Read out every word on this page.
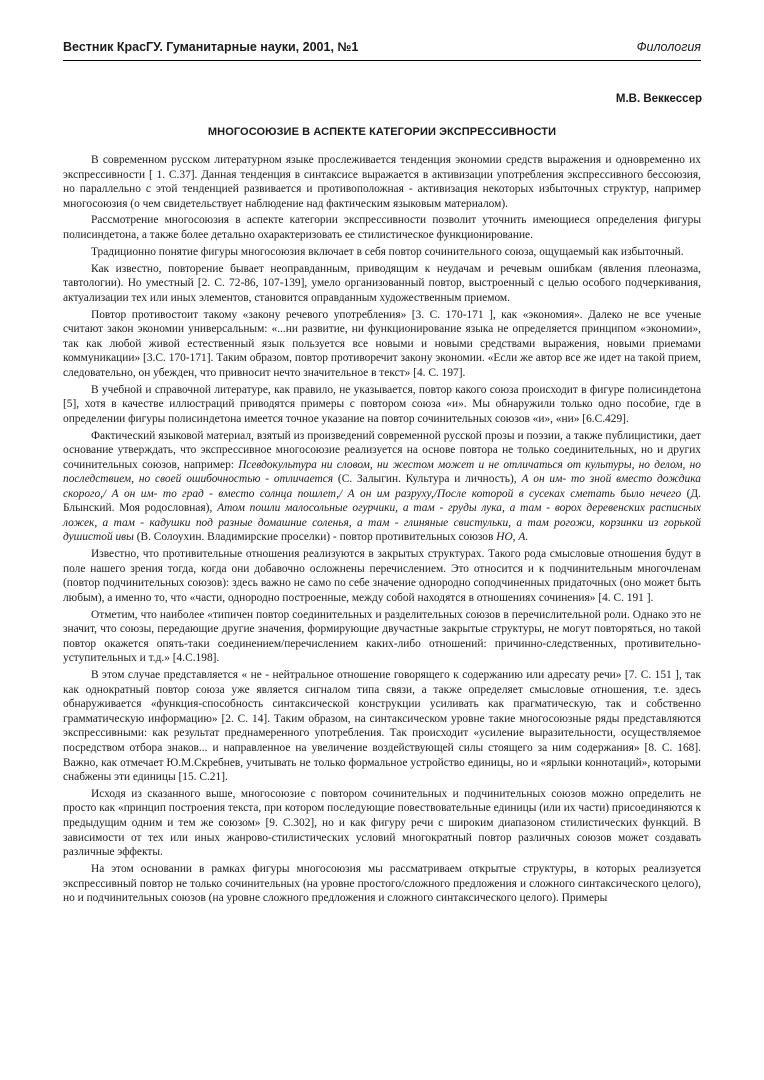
Вестник КрасГУ. Гуманитарные науки, 2001, №1	Филология
М.В. Веккессер
МНОГОСОЮЗИЕ В АСПЕКТЕ КАТЕГОРИИ ЭКСПРЕССИВНОСТИ

В современном русском литературном языке прослеживается тенденция экономии средств выражения и одновременно их экспрессивности [ 1. С.37]. Данная тенденция в синтаксисе выражается в активизации употребления экспрессивного бессоюзия, но параллельно с этой тенденцией развивается и противоположная - активизация некоторых избыточных структур, например многосоюзия (о чем свидетельствует наблюдение над фактическим языковым материалом).

Рассмотрение многосоюзия в аспекте категории экспрессивности позволит уточнить имеющиеся определения фигуры полисиндетона, а также более детально охарактеризовать ее стилистическое функционирование.

Традиционно понятие фигуры многосоюзия включает в себя повтор сочинительного союза, ощущаемый как избыточный.

Как известно, повторение бывает неоправданным, приводящим к неудачам и речевым ошибкам (явления плеоназма, тавтологии). Но уместный [2. С. 72-86, 107-139], умело организованный повтор, выстроенный с целью особого подчеркивания, актуализации тех или иных элементов, становится оправданным художественным приемом.

Повтор противостоит такому «закону речевого употребления» [3. С. 170-171 ], как «экономия». Далеко не все ученые считают закон экономии универсальным: «...ни развитие, ни функционирование языка не определяется принципом «экономии», так как любой живой естественный язык пользуется все новыми и новыми средствами выражения, новыми приемами коммуникации» [3.С. 170-171]. Таким образом, повтор противоречит закону экономии. «Если же автор все же идет на такой прием, следовательно, он убежден, что привносит нечто значительное в текст» [4. С. 197].

В учебной и справочной литературе, как правило, не указывается, повтор какого союза происходит в фигуре полисиндетона [5], хотя в качестве иллюстраций приводятся примеры с повтором союза «и». Мы обнаружили только одно пособие, где в определении фигуры полисиндетона имеется точное указание на повтор сочинительных союзов «и», «ни» [6.С.429].

Фактический языковой материал, взятый из произведений современной русской прозы и поэзии, а также публицистики, дает основание утверждать, что экспрессивное многосоюзие реализуется на основе повтора не только соединительных, но и других сочинительных союзов, например: Псевдокультура ни словом, ни жестом может и не отличаться от культуры, но делом, но последствием, но своей ошибочностью - отличается (С. Залыгин. Культура и личность), А он им- то зной вместо дождика скорого,/ А он им- то град - вместо солнца пошлет,/ А он им разруху,/После которой в сусеках сметать было нечего (Д. Блынский. Моя родословная), Атом пошли малосольные огурчики, а там - груды лука, а там - ворох деревенских расписных ложек, а там - кадушки под разные домашние соленья, а там - глиняные свистульки, а там рогожи, корзинки из горькой душистой ивы (В. Солоухин. Владимирские проселки) - повтор противительных союзов НО, А.

Известно, что противительные отношения реализуются в закрытых структурах. Такого рода смысловые отношения будут в поле нашего зрения тогда, когда они добавочно осложнены перечислением. Это относится и к подчинительным многочленам (повтор подчинительных союзов): здесь важно не само по себе значение однородно соподчиненных придаточных (оно может быть любым), а именно то, что «части, однородно построенные, между собой находятся в отношениях сочинения» [4. С. 191 ].

Отметим, что наиболее «типичен повтор соединительных и разделительных союзов в перечислительной роли. Однако это не значит, что союзы, передающие другие значения, формирующие двучастные закрытые структуры, не могут повторяться, но такой повтор окажется опять-таки соединением/перечислением каких-либо отношений: причинно-следственных, противительно-уступительных и т.д.» [4.С.198].

В этом случае представляется « не - нейтральное отношение говорящего к содержанию или адресату речи» [7. С. 151 ], так как однократный повтор союза уже является сигналом типа связи, а также определяет смысловые отношения, т.е. здесь обнаруживается «функция-способность синтаксической конструкции усиливать как прагматическую, так и собственно грамматическую информацию» [2. С. 14]. Таким образом, на синтаксическом уровне такие многосоюзные ряды представляются экспрессивными: как результат преднамеренного употребления. Так происходит «усиление выразительности, осуществляемое посредством отбора знаков... и направленное на увеличение воздействующей силы стоящего за ним содержания» [8. С. 168]. Важно, как отмечает Ю.М.Скребнев, учитывать не только формальное устройство единицы, но и «ярлыки коннотаций», которыми снабжены эти единицы [15. С.21].

Исходя из сказанного выше, многосоюзие с повтором сочинительных и подчинительных союзов можно определить не просто как «принцип построения текста, при котором последующие повествовательные единицы (или их части) присоединяются к предыдущим одним и тем же союзом» [9. С.302], но и как фигуру речи с широким диапазоном стилистических функций. В зависимости от тех или иных жанрово-стилистических условий многократный повтор различных союзов может создавать различные эффекты.

На этом основании в рамках фигуры многосоюзия мы рассматриваем открытые структуры, в которых реализуется экспрессивный повтор не только сочинительных (на уровне простого/сложного предложения и сложного синтаксического целого), но и подчинительных союзов (на уровне сложного предложения и сложного синтаксического целого). Примеры
